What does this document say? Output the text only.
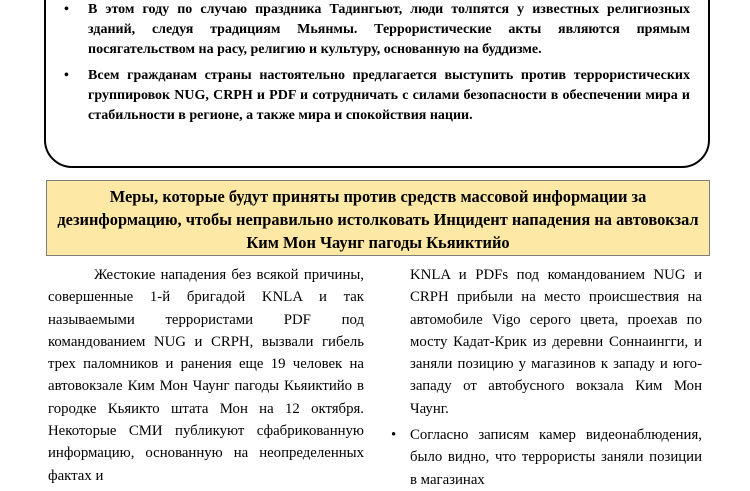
• В этом году по случаю праздника Тадингьют, люди толпятся у известных религиозных зданий, следуя традициям Мьянмы. Террористические акты являются прямым посягательством на расу, религию и культуру, основанную на буддизме.
• Всем гражданам страны настоятельно предлагается выступить против террористических группировок NUG, CRPH и PDF и сотрудничать с силами безопасности в обеспечении мира и стабильности в регионе, а также мира и спокойствия нации.
Меры, которые будут приняты против средств массовой информации за дезинформацию, чтобы неправильно истолковать Инцидент нападения на автовокзал Ким Мон Чаунг пагоды Кьяиктийо

Жестокие нападения без всякой причины, совершенные 1-й бригадой KNLA и так называемыми террористами PDF под командованием NUG и CRPH, вызвали гибель трех паломников и ранения еще 19 человек на автовокзале Ким Мон Чаунг пагоды Кьяиктийо в городке Кьяикто штата Мон на 12 октября. Некоторые СМИ публикуют сфабрикованную информацию, основанную на неопределенных фактах и

KNLA и PDFs под командованием NUG и CRPH прибыли на место происшествия на автомобиле Vigo серого цвета, проехав по мосту Кадат-Крик из деревни Соннаингги, и заняли позицию у магазинов к западу и юго-западу от автобусного вокзала Ким Мон Чаунг.

• Согласно записям камер видеонаблюдения, было видно, что террористы заняли позиции в магазинах
